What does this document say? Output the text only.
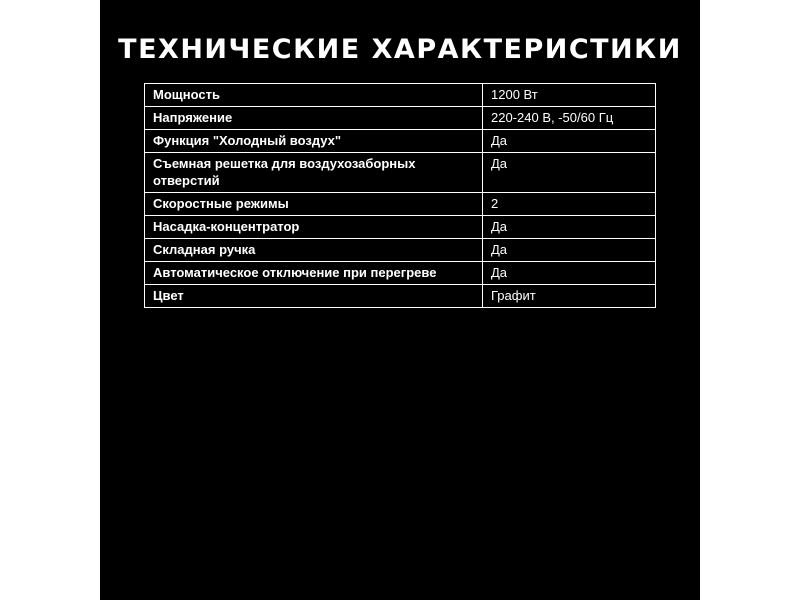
ТЕХНИЧЕСКИЕ ХАРАКТЕРИСТИКИ
Мощность	1200 Вт
Напряжение	220-240 В, -50/60 Гц
Функция "Холодный воздух"	Да
Съемная решетка для воздухозаборных отверстий	Да
Скоростные режимы	2
Насадка-концентратор	Да
Складная ручка	Да
Автоматическое отключение при перегреве	Да
Цвет	Графит
